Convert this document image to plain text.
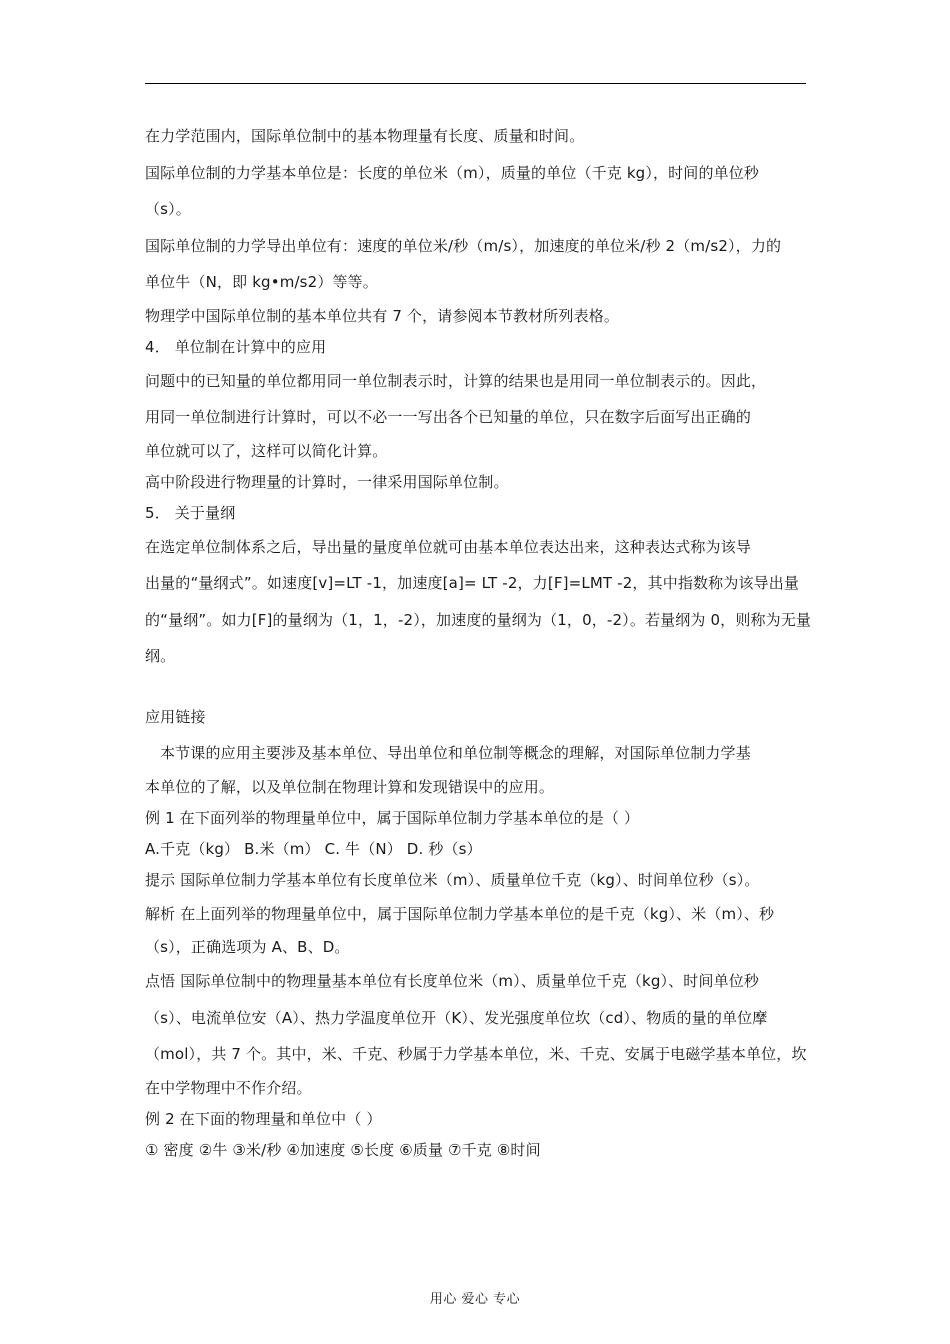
在力学范围内，国际单位制中的基本物理量有长度、质量和时间。
国际单位制的力学基本单位是：长度的单位米（m），质量的单位（千克 kg），时间的单位秒
（s）。
国际单位制的力学导出单位有：速度的单位米/秒（m/s），加速度的单位米/秒 2（m/s2），力的
单位牛（N，即 kg•m/s2）等等。
物理学中国际单位制的基本单位共有 7 个，请参阅本节教材所列表格。
4． 单位制在计算中的应用
问题中的已知量的单位都用同一单位制表示时，计算的结果也是用同一单位制表示的。因此，
用同一单位制进行计算时，可以不必一一写出各个已知量的单位，只在数字后面写出正确的
单位就可以了，这样可以简化计算。
高中阶段进行物理量的计算时，一律采用国际单位制。
5． 关于量纲
在选定单位制体系之后，导出量的量度单位就可由基本单位表达出来，这种表达式称为该导
出量的“量纲式”。如速度[v]=LT -1，加速度[a]= LT -2，力[F]=LMT -2，其中指数称为该导出量
的“量纲”。如力[F]的量纲为（1，1，-2），加速度的量纲为（1，0，-2）。若量纲为 0，则称为无量
纲。
应用链接
本节课的应用主要涉及基本单位、导出单位和单位制等概念的理解，对国际单位制力学基
本单位的了解，以及单位制在物理计算和发现错误中的应用。
例 1 在下面列举的物理量单位中，属于国际单位制力学基本单位的是（ ）
A.千克（kg） B.米（m） C. 牛（N） D. 秒（s）
提示 国际单位制力学基本单位有长度单位米（m）、质量单位千克（kg）、时间单位秒（s）。
解析 在上面列举的物理量单位中，属于国际单位制力学基本单位的是千克（kg）、米（m）、秒
（s），正确选项为 A、B、D。
点悟 国际单位制中的物理量基本单位有长度单位米（m）、质量单位千克（kg）、时间单位秒
（s）、电流单位安（A）、热力学温度单位开（K）、发光强度单位坎（cd）、物质的量的单位摩
（mol），共 7 个。其中，米、千克、秒属于力学基本单位，米、千克、安属于电磁学基本单位，坎
在中学物理中不作介绍。
例 2 在下面的物理量和单位中（ ）
① 密度 ②牛 ③米/秒 ④加速度 ⑤长度 ⑥质量 ⑦千克 ⑧时间
用心 爱心 专心
